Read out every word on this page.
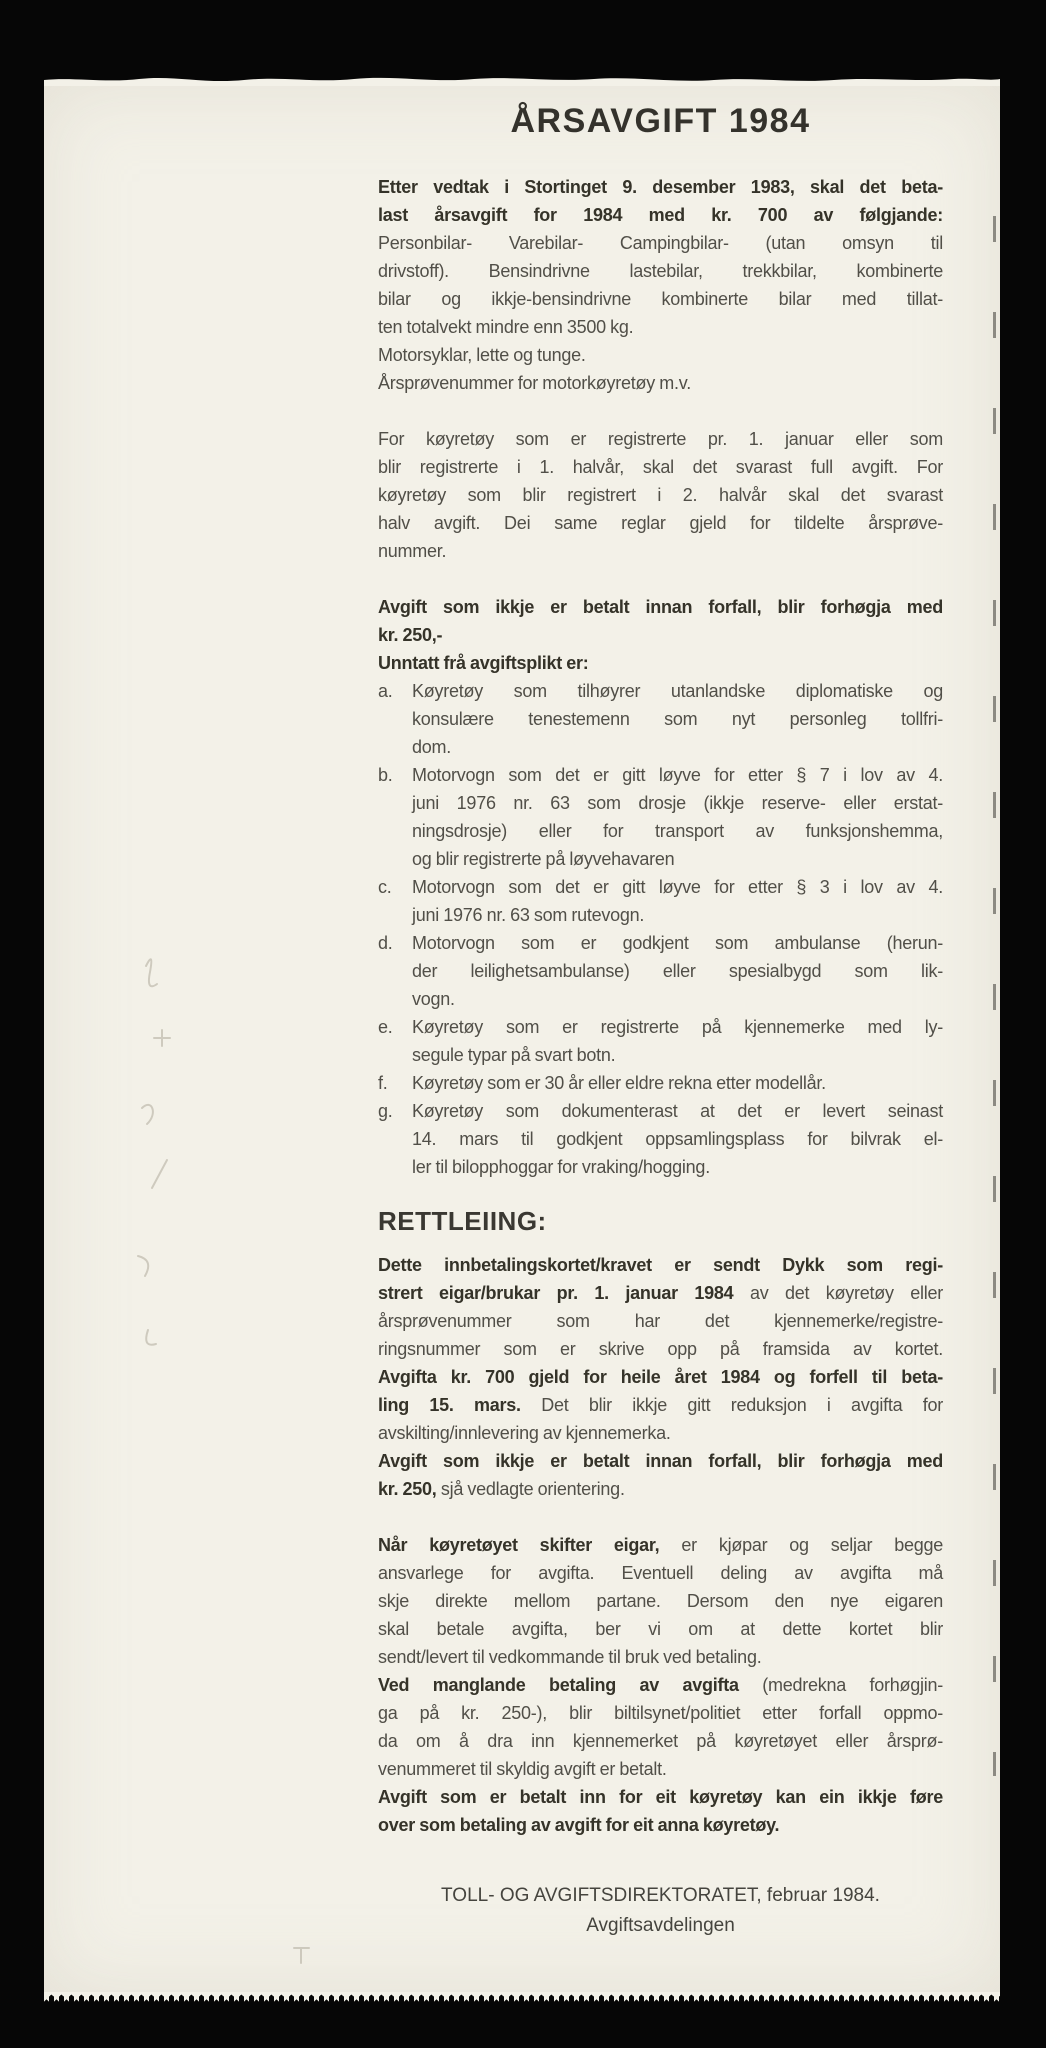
ÅRSAVGIFT 1984
Etter vedtak i Stortinget 9. desember 1983, skal det beta-
last årsavgift for 1984 med kr. 700 av følgjande:
Personbilar- Varebilar- Campingbilar- (utan omsyn til
drivstoff). Bensindrivne lastebilar, trekkbilar, kombinerte
bilar og ikkje-bensindrivne kombinerte bilar med tillat-
ten totalvekt mindre enn 3500 kg.
Motorsyklar, lette og tunge.
Årsprøvenummer for motorkøyretøy m.v.
For køyretøy som er registrerte pr. 1. januar eller som
blir registrerte i 1. halvår, skal det svarast full avgift. For
køyretøy som blir registrert i 2. halvår skal det svarast
halv avgift. Dei same reglar gjeld for tildelte årsprøve-
nummer.
Avgift som ikkje er betalt innan forfall, blir forhøgja med
kr. 250,-
Unntatt frå avgiftsplikt er:
a. Køyretøy som tilhøyrer utanlandske diplomatiske og
konsulære tenestemenn som nyt personleg tollfri-
dom.
b. Motorvogn som det er gitt løyve for etter § 7 i lov av 4.
juni 1976 nr. 63 som drosje (ikkje reserve- eller erstat-
ningsdrosje) eller for transport av funksjonshemma,
og blir registrerte på løyvehavaren
c. Motorvogn som det er gitt løyve for etter § 3 i lov av 4.
juni 1976 nr. 63 som rutevogn.
d. Motorvogn som er godkjent som ambulanse (herun-
der leilighetsambulanse) eller spesialbygd som lik-
vogn.
e. Køyretøy som er registrerte på kjennemerke med ly-
segule typar på svart botn.
f. Køyretøy som er 30 år eller eldre rekna etter modellår.
g. Køyretøy som dokumenterast at det er levert seinast
14. mars til godkjent oppsamlingsplass for bilvrak el-
ler til bilopphoggar for vraking/hogging.
RETTLEIING:
Dette innbetalingskortet/kravet er sendt Dykk som regi-
strert eigar/brukar pr. 1. januar 1984 av det køyretøy eller
årsprøvenummer som har det kjennemerke/registre-
ringsnummer som er skrive opp på framsida av kortet.
Avgifta kr. 700 gjeld for heile året 1984 og forfell til beta-
ling 15. mars. Det blir ikkje gitt reduksjon i avgifta for
avskilting/innlevering av kjennemerka.
Avgift som ikkje er betalt innan forfall, blir forhøgja med
kr. 250, sjå vedlagte orientering.
Når køyretøyet skifter eigar, er kjøpar og seljar begge
ansvarlege for avgifta. Eventuell deling av avgifta må
skje direkte mellom partane. Dersom den nye eigaren
skal betale avgifta, ber vi om at dette kortet blir
sendt/levert til vedkommande til bruk ved betaling.
Ved manglande betaling av avgifta (medrekna forhøgjin-
ga på kr. 250-), blir biltilsynet/politiet etter forfall oppmo-
da om å dra inn kjennemerket på køyretøyet eller årsprø-
venummeret til skyldig avgift er betalt.
Avgift som er betalt inn for eit køyretøy kan ein ikkje føre
over som betaling av avgift for eit anna køyretøy.
TOLL- OG AVGIFTSDIREKTORATET, februar 1984.
Avgiftsavdelingen
